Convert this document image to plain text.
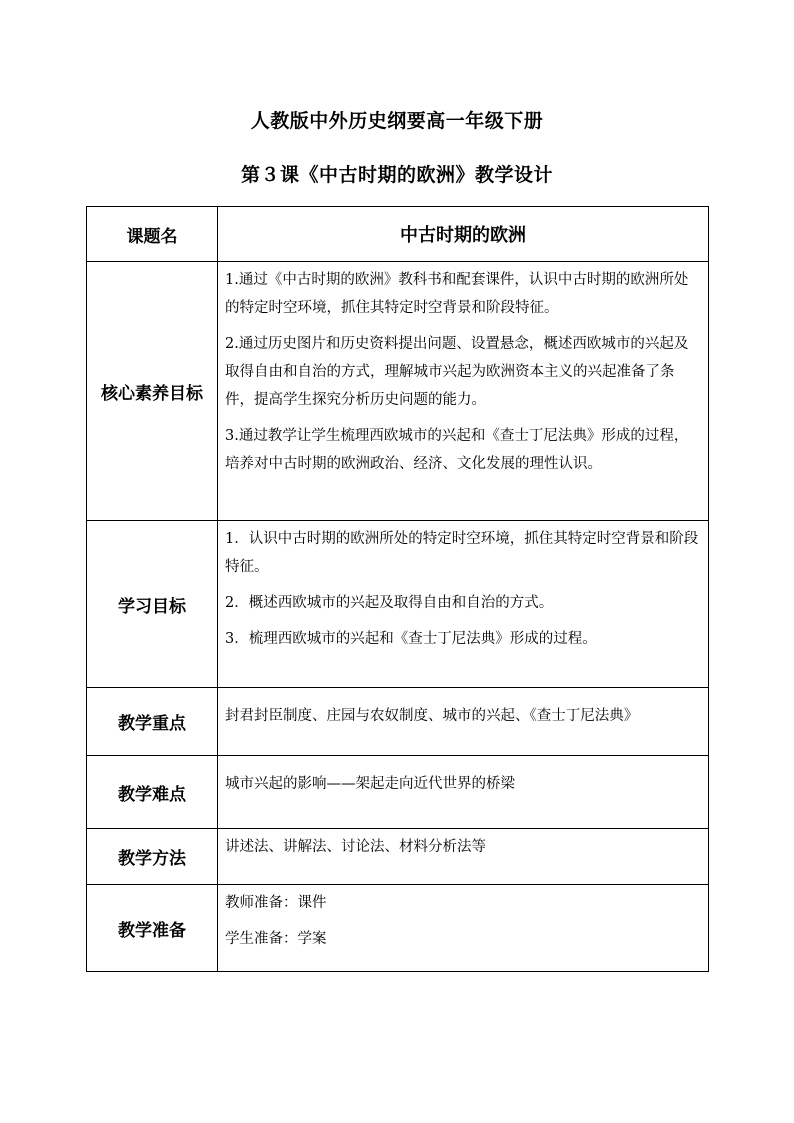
人教版中外历史纲要高一年级下册
第３课《中古时期的欧洲》教学设计
课题名	中古时期的欧洲
核心素养目标	1.通过《中古时期的欧洲》教科书和配套课件，认识中古时期的欧洲所处的特定时空环境，抓住其特定时空背景和阶段特征。

2.通过历史图片和历史资料提出问题、设置悬念，概述西欧城市的兴起及取得自由和自治的方式，理解城市兴起为欧洲资本主义的兴起准备了条件，提高学生探究分析历史问题的能力。

3.通过教学让学生梳理西欧城市的兴起和《查士丁尼法典》形成的过程，培养对中古时期的欧洲政治、经济、文化发展的理性认识。

学习目标	1．认识中古时期的欧洲所处的特定时空环境，抓住其特定时空背景和阶段特征。

2．概述西欧城市的兴起及取得自由和自治的方式。

3．梳理西欧城市的兴起和《查士丁尼法典》形成的过程。

教学重点	封君封臣制度、庄园与农奴制度、城市的兴起、《查士丁尼法典》

教学难点	城市兴起的影响——架起走向近代世界的桥梁

教学方法	讲述法、讲解法、讨论法、材料分析法等

教学准备	教师准备：课件

学生准备：学案
